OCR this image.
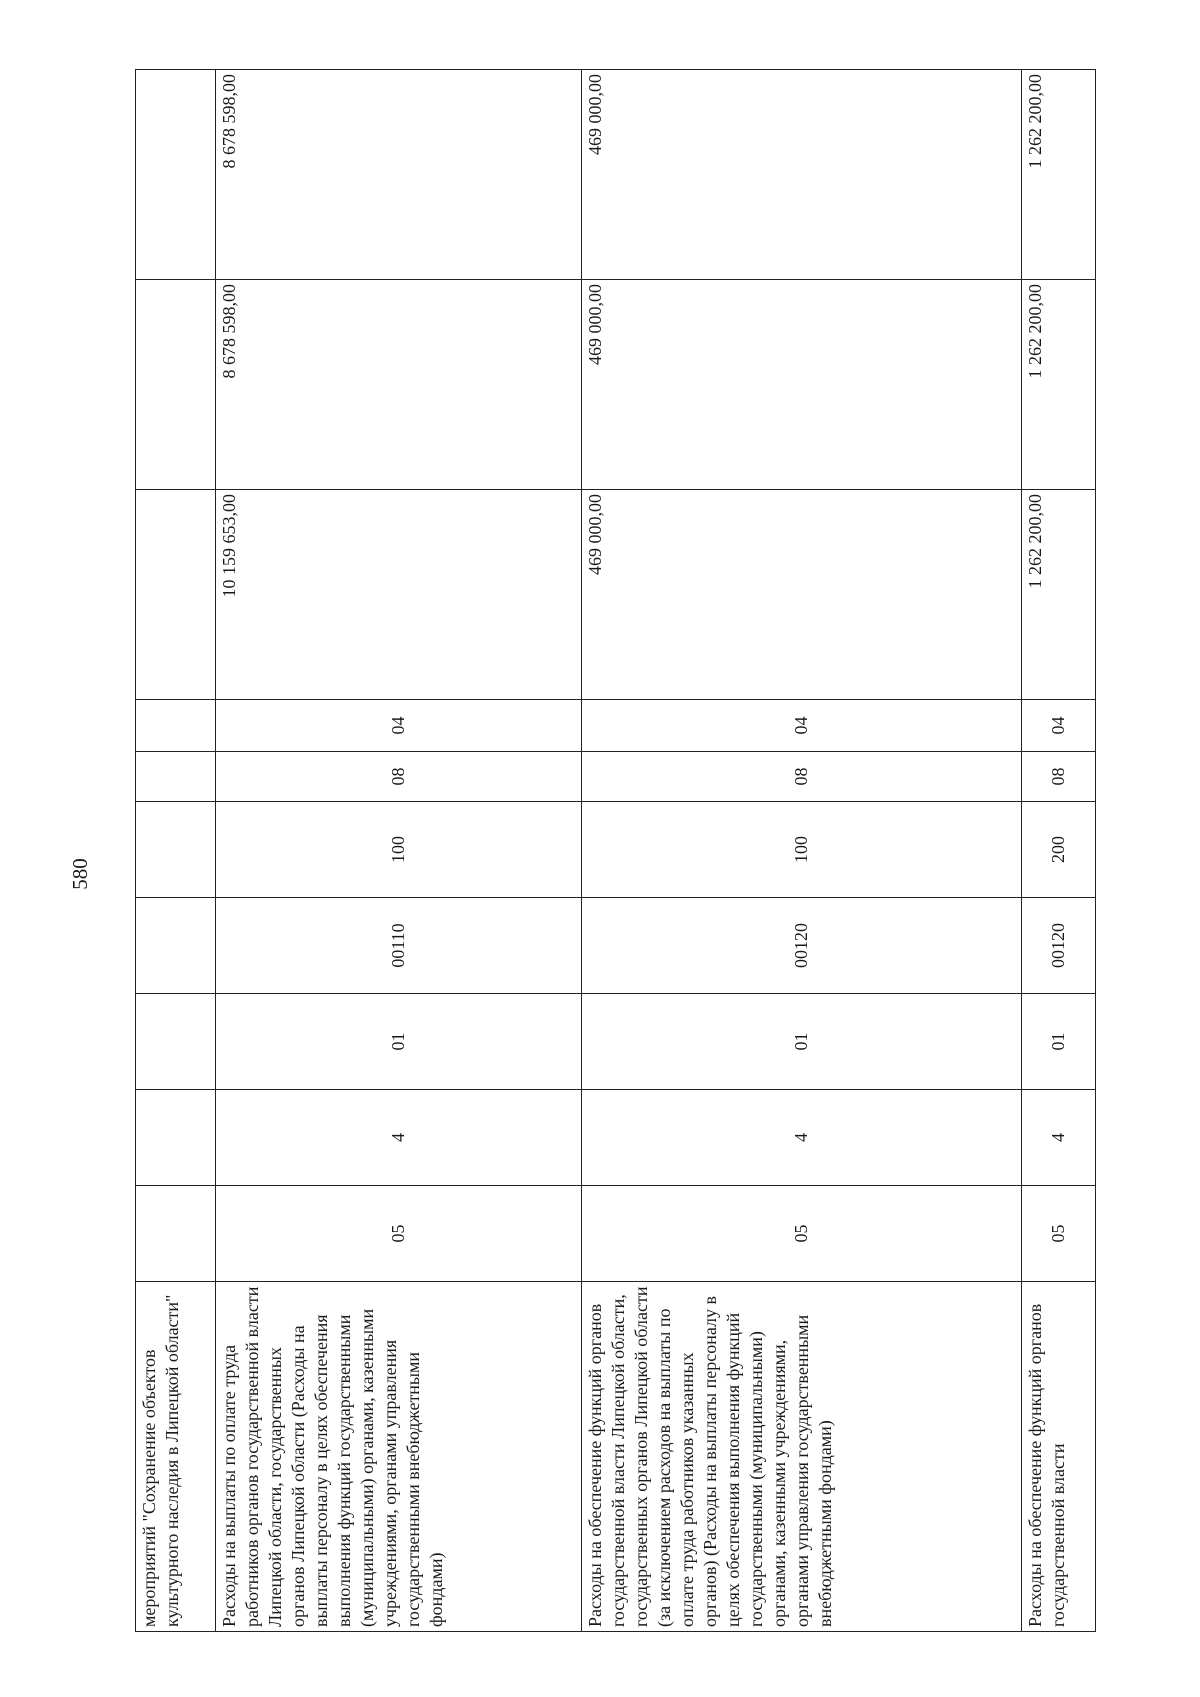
580
мероприятий "Сохранение объектов культурного наследия в Липецкой области"										
Расходы на выплаты по оплате труда работников органов государственной власти Липецкой области, государственных органов Липецкой области (Расходы на выплаты персоналу в целях обеспечения выполнения функций государственными (муниципальными) органами, казенными учреждениями, органами управления государственными внебюджетными фондами)	05	4	01	00110	100	08	04	10 159 653,00	8 678 598,00	8 678 598,00
Расходы на обеспечение функций органов государственной власти Липецкой области, государственных органов Липецкой области (за исключением расходов на выплаты по оплате труда работников указанных органов) (Расходы на выплаты персоналу в целях обеспечения выполнения функций государственными (муниципальными) органами, казенными учреждениями, органами управления государственными внебюджетными фондами)	05	4	01	00120	100	08	04	469 000,00	469 000,00	469 000,00
Расходы на обеспечение функций органов государственной власти	05	4	01	00120	200	08	04	1 262 200,00	1 262 200,00	1 262 200,00
